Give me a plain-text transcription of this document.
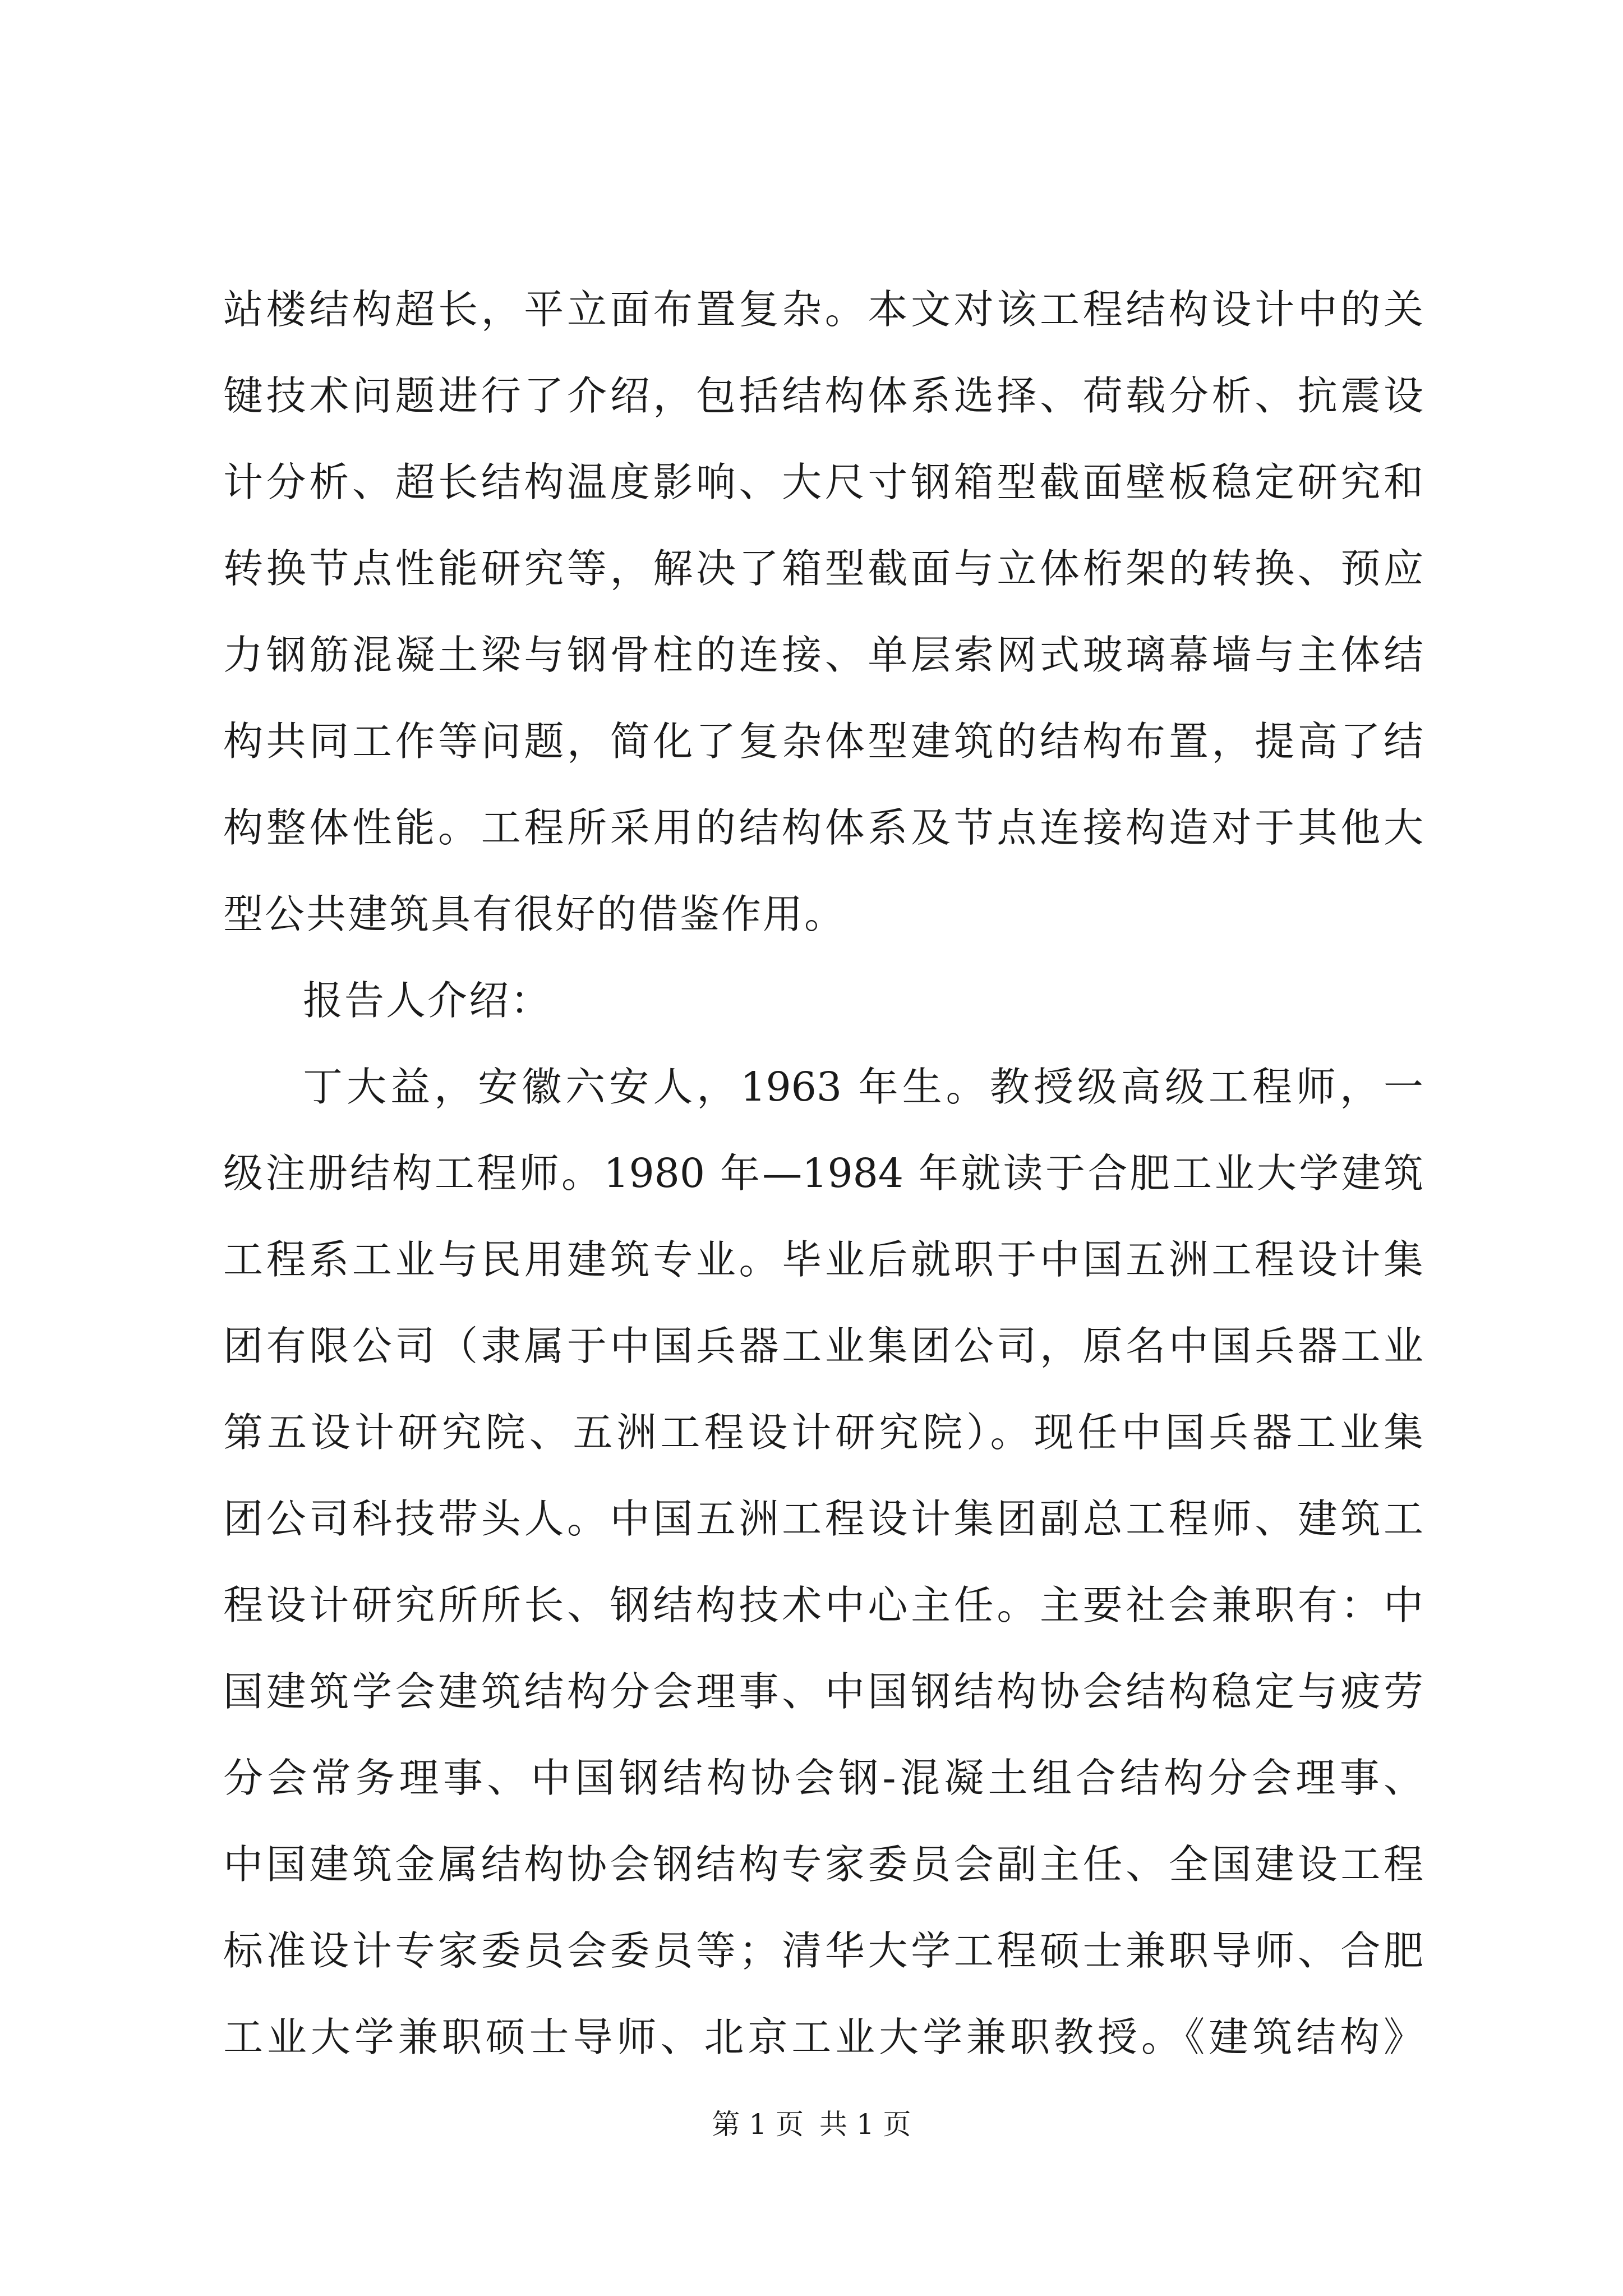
站楼结构超长，平立面布置复杂。本文对该工程结构设计中的关
键技术问题进行了介绍，包括结构体系选择、荷载分析、抗震设
计分析、超长结构温度影响、大尺寸钢箱型截面壁板稳定研究和
转换节点性能研究等，解决了箱型截面与立体桁架的转换、预应
力钢筋混凝土梁与钢骨柱的连接、单层索网式玻璃幕墙与主体结
构共同工作等问题，简化了复杂体型建筑的结构布置，提高了结
构整体性能。工程所采用的结构体系及节点连接构造对于其他大
型公共建筑具有很好的借鉴作用。
报告人介绍：
丁大益，安徽六安人，1963 年生。教授级高级工程师，一
级注册结构工程师。1980 年—1984 年就读于合肥工业大学建筑
工程系工业与民用建筑专业。毕业后就职于中国五洲工程设计集
团有限公司（隶属于中国兵器工业集团公司，原名中国兵器工业
第五设计研究院、五洲工程设计研究院）。现任中国兵器工业集
团公司科技带头人。中国五洲工程设计集团副总工程师、建筑工
程设计研究所所长、钢结构技术中心主任。主要社会兼职有：中
国建筑学会建筑结构分会理事、中国钢结构协会结构稳定与疲劳
分会常务理事、中国钢结构协会钢-混凝土组合结构分会理事、
中国建筑金属结构协会钢结构专家委员会副主任、全国建设工程
标准设计专家委员会委员等；清华大学工程硕士兼职导师、合肥
工业大学兼职硕士导师、北京工业大学兼职教授。《建筑结构》
第 1 页 共 1 页
